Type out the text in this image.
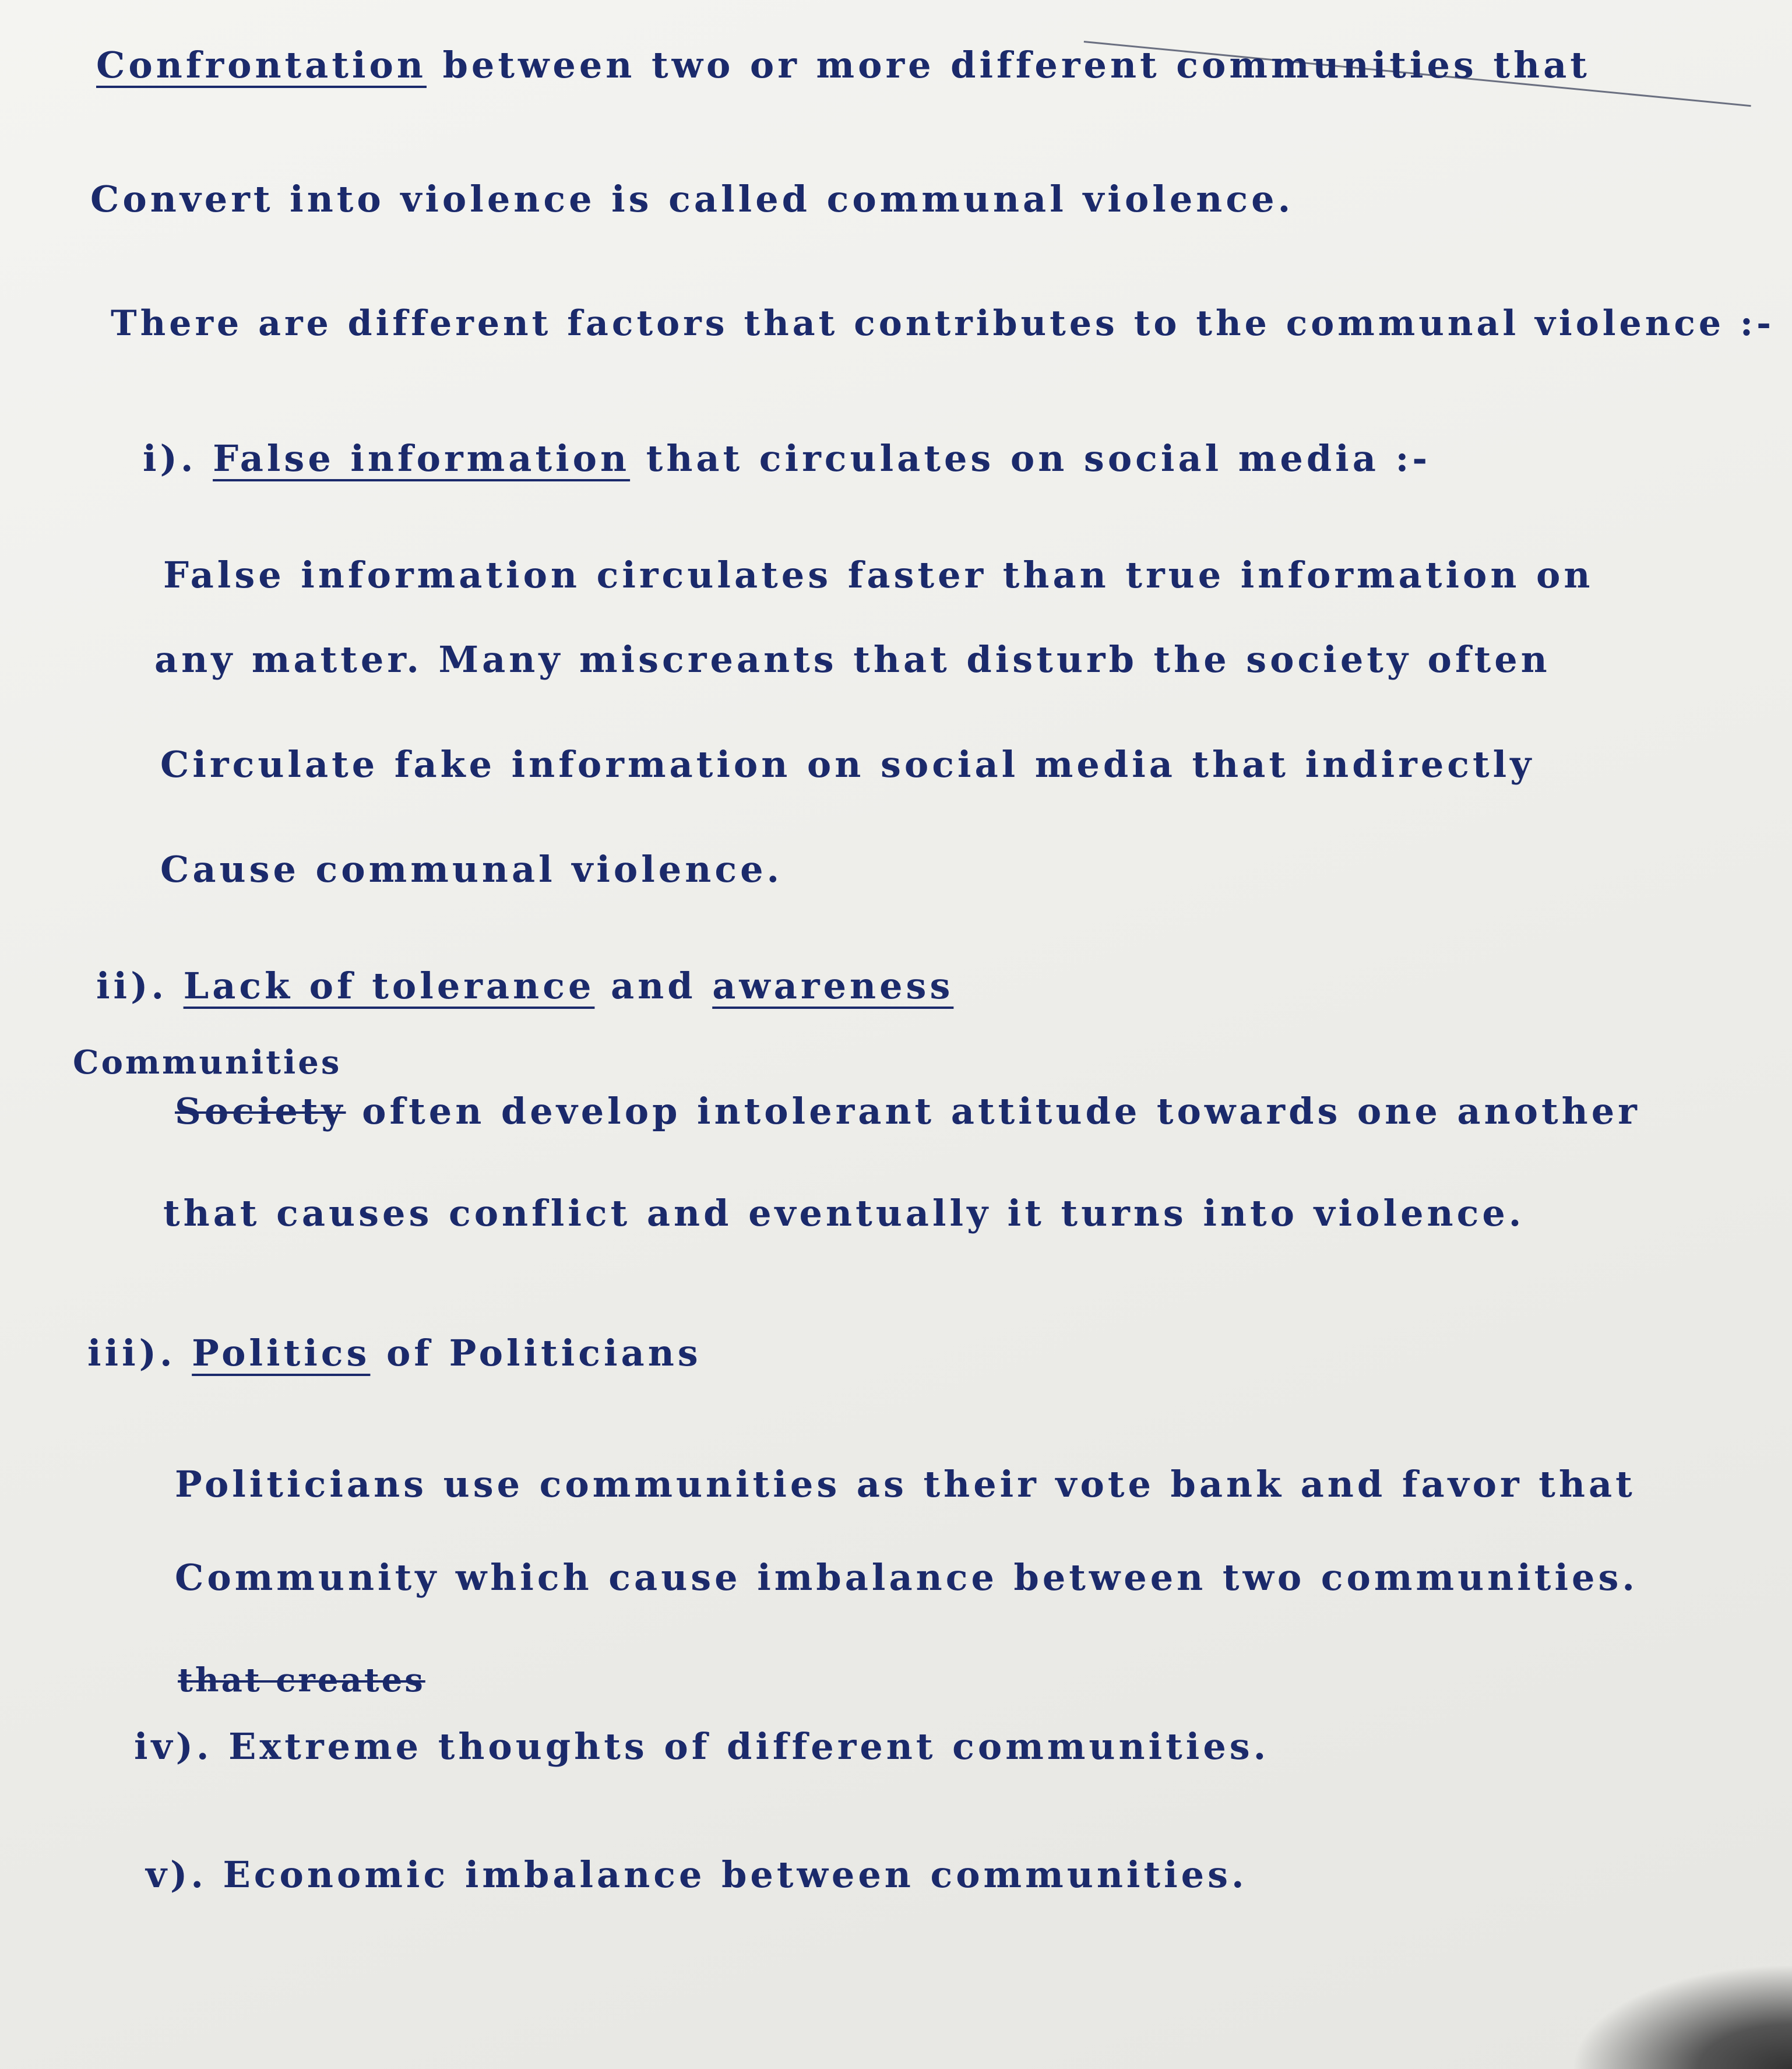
Confrontation between two or more different communities that

Convert into violence is called communal violence.

There are different factors that contributes to the communal violence :-

i). False information that circulates on social media :-

False information circulates faster than true information on

any matter. Many miscreants that disturb the society often

Circulate fake information on social media that indirectly

Cause communal violence.

ii). Lack of tolerance and awareness

Communities

Society often develop intolerant attitude towards one another

that causes conflict and eventually it turns into violence.

iii). Politics of Politicians

Politicians use communities as their vote bank and favor that

Community which cause imbalance between two communities.

that creates

iv). Extreme thoughts of different communities.

v). Economic imbalance between communities.
